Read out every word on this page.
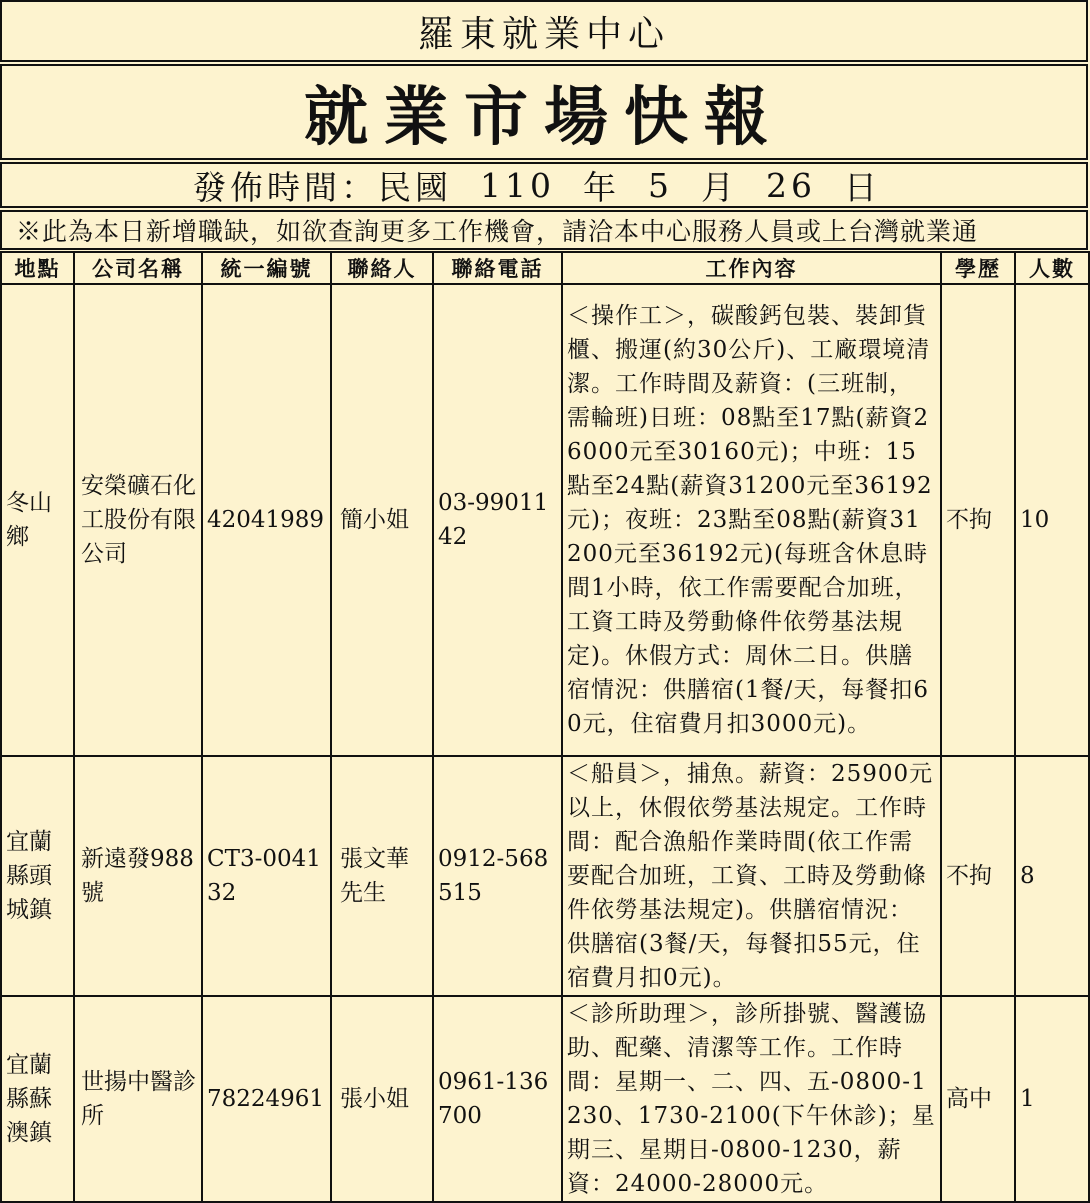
羅東就業中心
就業市場快報
發佈時間：民國 110 年 5 月 26 日
※此為本日新增職缺，如欲查詢更多工作機會，請洽本中心服務人員或上台灣就業通
地點	公司名稱	統一編號	聯絡人	聯絡電話	工作內容	學歷	人數
冬山鄉	安榮礦石化工股份有限公司	42041989	簡小姐	03-9901142	＜操作工＞，碳酸鈣包裝、裝卸貨櫃、搬運(約30公斤)、工廠環境清潔。工作時間及薪資：(三班制，需輪班)日班：08點至17點(薪資26000元至30160元)；中班：15點至24點(薪資31200元至36192元)；夜班：23點至08點(薪資31200元至36192元)(每班含休息時間1小時，依工作需要配合加班，工資工時及勞動條件依勞基法規定)。休假方式：周休二日。供膳宿情況：供膳宿(1餐/天，每餐扣60元，住宿費月扣3000元)。	不拘	10
宜蘭縣頭城鎮	新遠發988號	CT3-004132	張文華先生	0912-568515	＜船員＞，捕魚。薪資：25900元以上，休假依勞基法規定。工作時間：配合漁船作業時間(依工作需要配合加班，工資、工時及勞動條件依勞基法規定)。供膳宿情況：供膳宿(3餐/天，每餐扣55元，住宿費月扣0元)。	不拘	8
宜蘭縣蘇澳鎮	世揚中醫診所	78224961	張小姐	0961-136700	＜診所助理＞，診所掛號、醫護協助、配藥、清潔等工作。工作時間：星期一、二、四、五-0800-1230、1730-2100(下午休診)；星期三、星期日-0800-1230，薪資：24000-28000元。	高中	1
